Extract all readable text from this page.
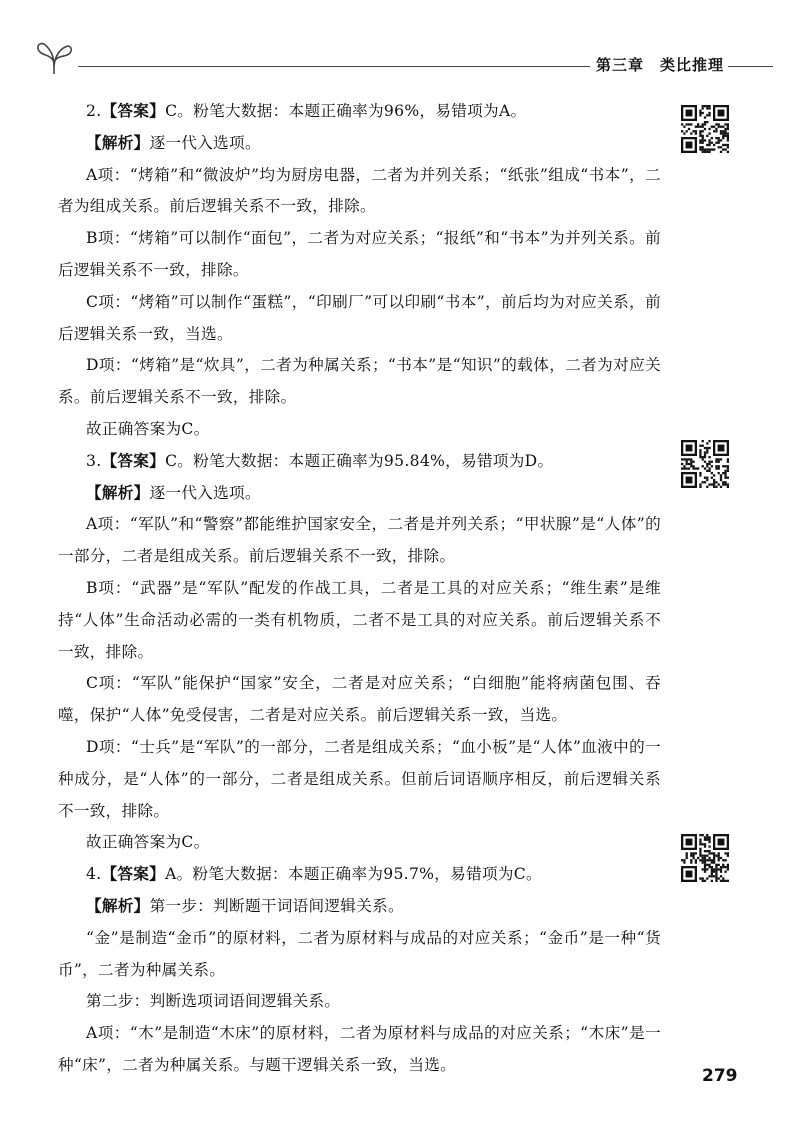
第三章 类比推理

2.【答案】C。粉笔大数据：本题正确率为96%，易错项为A。

【解析】逐一代入选项。

A项：“烤箱”和“微波炉”均为厨房电器，二者为并列关系；“纸张”组成“书本”，二者为组成关系。前后逻辑关系不一致，排除。

B项：“烤箱”可以制作“面包”，二者为对应关系；“报纸”和“书本”为并列关系。前后逻辑关系不一致，排除。

C项：“烤箱”可以制作“蛋糕”，“印刷厂”可以印刷“书本”，前后均为对应关系，前后逻辑关系一致，当选。

D项：“烤箱”是“炊具”，二者为种属关系；“书本”是“知识”的载体，二者为对应关系。前后逻辑关系不一致，排除。

故正确答案为C。

3.【答案】C。粉笔大数据：本题正确率为95.84%，易错项为D。

【解析】逐一代入选项。

A项：“军队”和“警察”都能维护国家安全，二者是并列关系；“甲状腺”是“人体”的一部分，二者是组成关系。前后逻辑关系不一致，排除。

B项：“武器”是“军队”配发的作战工具，二者是工具的对应关系；“维生素”是维持“人体”生命活动必需的一类有机物质，二者不是工具的对应关系。前后逻辑关系不一致，排除。

C项：“军队”能保护“国家”安全，二者是对应关系；“白细胞”能将病菌包围、吞噬，保护“人体”免受侵害，二者是对应关系。前后逻辑关系一致，当选。

D项：“士兵”是“军队”的一部分，二者是组成关系；“血小板”是“人体”血液中的一种成分，是“人体”的一部分，二者是组成关系。但前后词语顺序相反，前后逻辑关系不一致，排除。

故正确答案为C。

4.【答案】A。粉笔大数据：本题正确率为95.7%，易错项为C。

【解析】第一步：判断题干词语间逻辑关系。

“金”是制造“金币”的原材料，二者为原材料与成品的对应关系；“金币”是一种“货币”，二者为种属关系。

第二步：判断选项词语间逻辑关系。

A项：“木”是制造“木床”的原材料，二者为原材料与成品的对应关系；“木床”是一种“床”，二者为种属关系。与题干逻辑关系一致，当选。

279
